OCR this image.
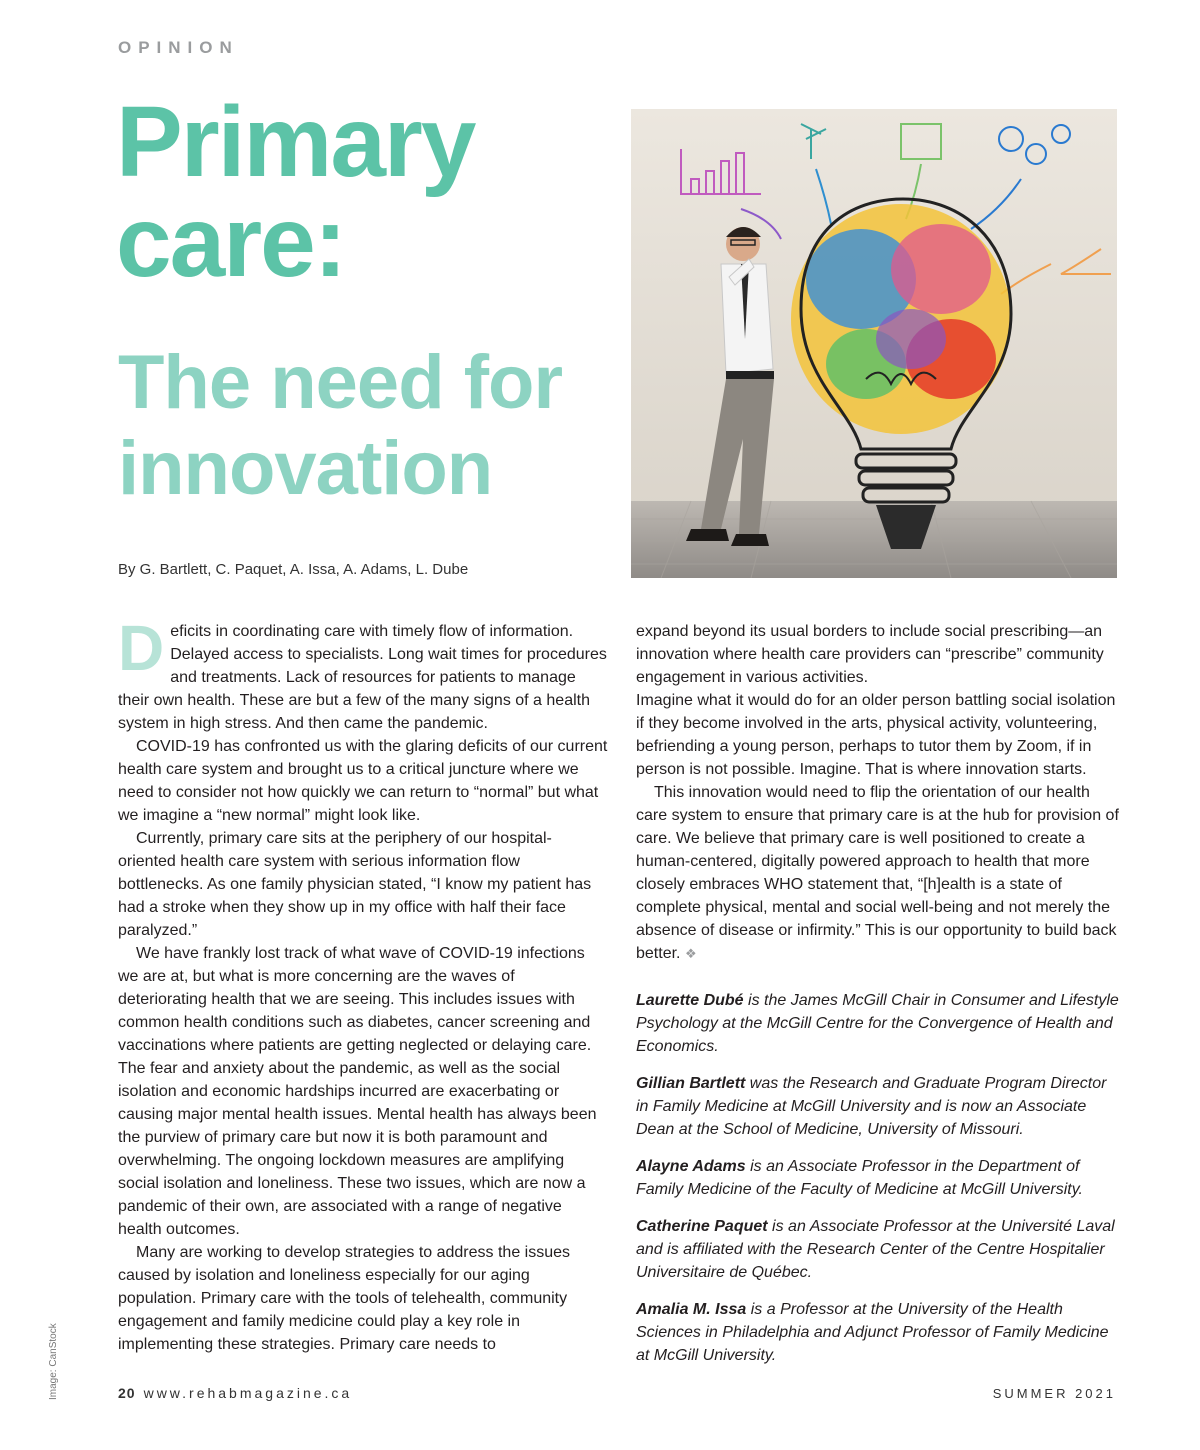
OPINION
Primary
care:
The need for
innovation
By G. Bartlett, C. Paquet, A. Issa, A. Adams, L. Dube

Deficits in coordinating care with timely flow of information. Delayed access to specialists. Long wait times for procedures and treatments. Lack of resources for patients to manage their own health. These are but a few of the many signs of a health system in high stress. And then came the pandemic.

COVID-19 has confronted us with the glaring deficits of our current health care system and brought us to a critical juncture where we need to consider not how quickly we can return to “normal” but what we imagine a “new normal” might look like.

Currently, primary care sits at the periphery of our hospital-oriented health care system with serious information flow bottlenecks. As one family physician stated, “I know my patient has had a stroke when they show up in my office with half their face paralyzed.”

We have frankly lost track of what wave of COVID-19 infections we are at, but what is more concerning are the waves of deteriorating health that we are seeing. This includes issues with common health conditions such as diabetes, cancer screening and vaccinations where patients are getting neglected or delaying care. The fear and anxiety about the pandemic, as well as the social isolation and economic hardships incurred are exacerbating or causing major mental health issues. Mental health has always been the purview of primary care but now it is both paramount and overwhelming. The ongoing lockdown measures are amplifying social isolation and loneliness. These two issues, which are now a pandemic of their own, are associated with a range of negative health outcomes.

Many are working to develop strategies to address the issues caused by isolation and loneliness especially for our aging population. Primary care with the tools of telehealth, community engagement and family medicine could play a key role in implementing these strategies. Primary care needs to

expand beyond its usual borders to include social prescribing—an innovation where health care providers can “prescribe” community engagement in various activities.

Imagine what it would do for an older person battling social isolation if they become involved in the arts, physical activity, volunteering, befriending a young person, perhaps to tutor them by Zoom, if in person is not possible. Imagine. That is where innovation starts.

This innovation would need to flip the orientation of our health care system to ensure that primary care is at the hub for provision of care. We believe that primary care is well positioned to create a human-centered, digitally powered approach to health that more closely embraces WHO statement that, “[h]ealth is a state of complete physical, mental and social well-being and not merely the absence of disease or infirmity.” This is our opportunity to build back better. ❖

Laurette Dubé is the James McGill Chair in Consumer and Lifestyle Psychology at the McGill Centre for the Convergence of Health and Economics.

Gillian Bartlett was the Research and Graduate Program Director in Family Medicine at McGill University and is now an Associate Dean at the School of Medicine, University of Missouri.

Alayne Adams is an Associate Professor in the Department of Family Medicine of the Faculty of Medicine at McGill University.

Catherine Paquet is an Associate Professor at the Université Laval and is affiliated with the Research Center of the Centre Hospitalier Universitaire de Québec.

Amalia M. Issa is a Professor at the University of the Health Sciences in Philadelphia and Adjunct Professor of Family Medicine at McGill University.

Image: CanStock	20 www.rehabmagazine.ca	SUMMER 2021
